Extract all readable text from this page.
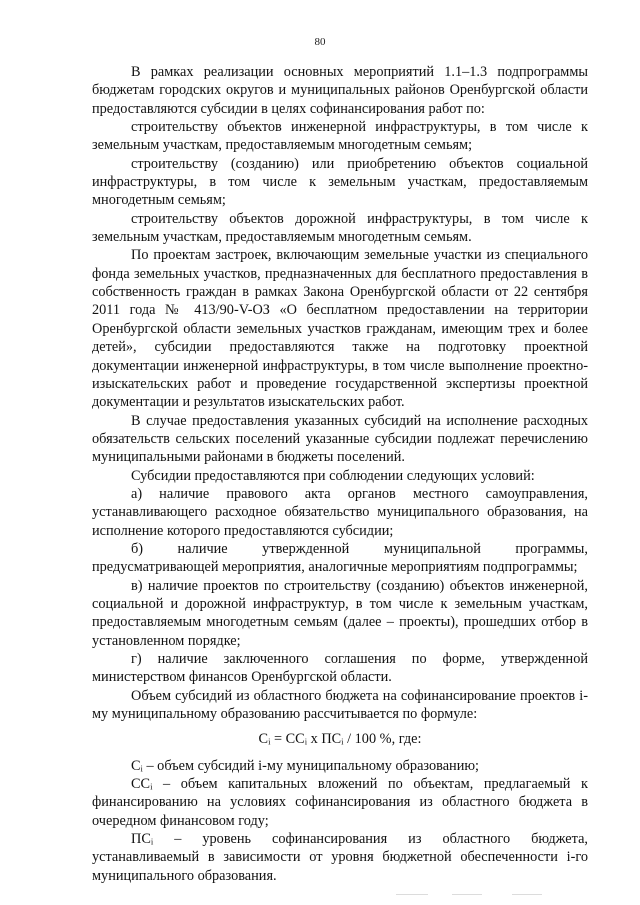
80

В рамках реализации основных мероприятий 1.1–1.3 подпрограммы бюджетам городских округов и муниципальных районов Оренбургской области предоставляются субсидии в целях софинансирования работ по:

строительству объектов инженерной инфраструктуры, в том числе к земельным участкам, предоставляемым многодетным семьям;

строительству (созданию) или приобретению объектов социальной инфраструктуры, в том числе к земельным участкам, предоставляемым многодетным семьям;

строительству объектов дорожной инфраструктуры, в том числе к земельным участкам, предоставляемым многодетным семьям.

По проектам застроек, включающим земельные участки из специального фонда земельных участков, предназначенных для бесплатного предоставления в собственность граждан в рамках Закона Оренбургской области от 22 сентября 2011 года № 413/90-V-ОЗ «О бесплатном предоставлении на территории Оренбургской области земельных участков гражданам, имеющим трех и более детей», субсидии предоставляются также на подготовку проектной документации инженерной инфраструктуры, в том числе выполнение проектно-изыскательских работ и проведение государственной экспертизы проектной документации и результатов изыскательских работ.

В случае предоставления указанных субсидий на исполнение расходных обязательств сельских поселений указанные субсидии подлежат перечислению муниципальными районами в бюджеты поселений.

Субсидии предоставляются при соблюдении следующих условий:

а) наличие правового акта органов местного самоуправления, устанавливающего расходное обязательство муниципального образования, на исполнение которого предоставляются субсидии;

б) наличие утвержденной муниципальной программы, предусматривающей мероприятия, аналогичные мероприятиям подпрограммы;

в) наличие проектов по строительству (созданию) объектов инженерной, социальной и дорожной инфраструктур, в том числе к земельным участкам, предоставляемым многодетным семьям (далее – проекты), прошедших отбор в установленном порядке;

г) наличие заключенного соглашения по форме, утвержденной министерством финансов Оренбургской области.

Объем субсидий из областного бюджета на софинансирование проектов i-му муниципальному образованию рассчитывается по формуле:

Сᵢ = ССᵢ x ПСᵢ / 100 %, где:

Сᵢ – объем субсидий i-му муниципальному образованию;

ССᵢ – объем капитальных вложений по объектам, предлагаемый к финансированию на условиях софинансирования из областного бюджета в очередном финансовом году;

ПСᵢ – уровень софинансирования из областного бюджета, устанавливаемый в зависимости от уровня бюджетной обеспеченности i-го муниципального образования.
